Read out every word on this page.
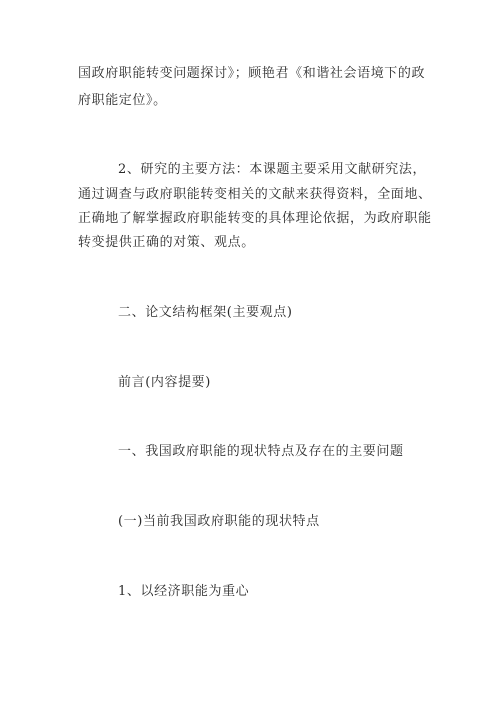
国政府职能转变问题探讨》；顾艳君《和谐社会语境下的政
府职能定位》。
2、研究的主要方法：本课题主要采用文献研究法，
通过调查与政府职能转变相关的文献来获得资料，全面地、
正确地了解掌握政府职能转变的具体理论依据，为政府职能
转变提供正确的对策、观点。
二、论文结构框架(主要观点)
前言(内容提要)
一、我国政府职能的现状特点及存在的主要问题
(一)当前我国政府职能的现状特点
1、以经济职能为重心
